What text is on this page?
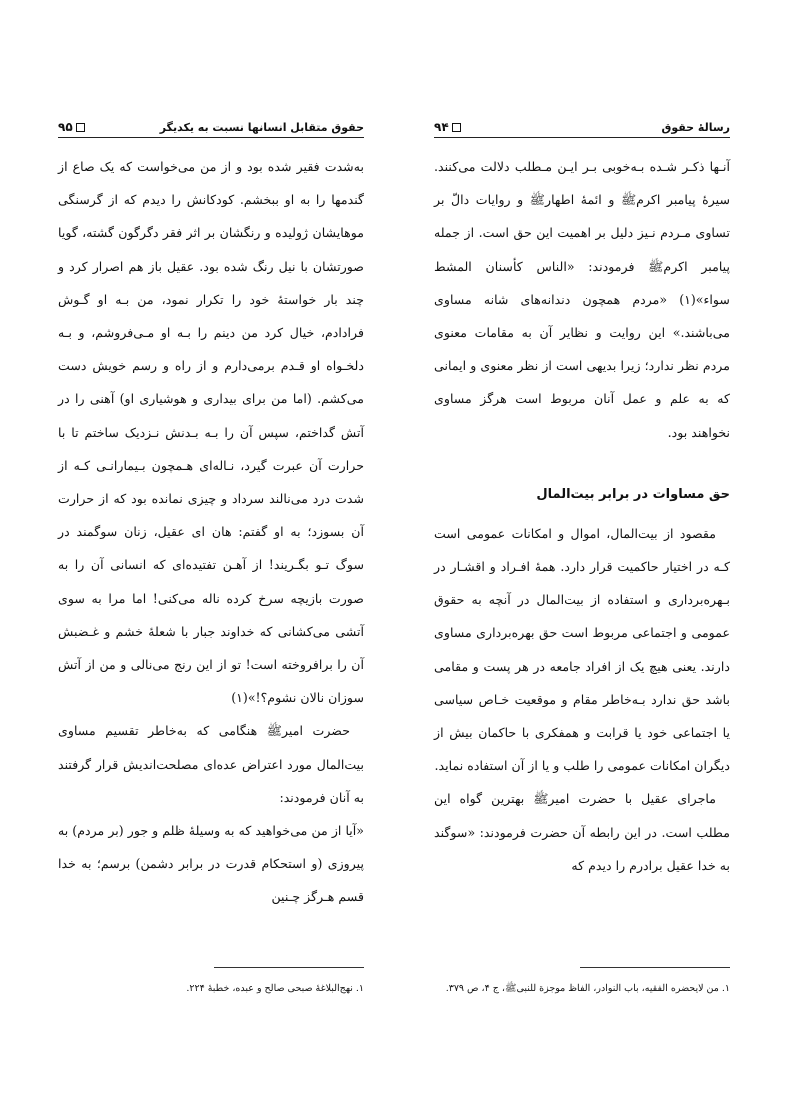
رسالهٔ حقوق
۹۴

آنـها ذکـر شـده بـه‌خوبی بـر ایـن مـطلب دلالت می‌کنند. سیرهٔ پیامبر اکرمﷺ و ائمهٔ اطهارﷺ و روایات دالّ بر تساوی مـردم نـیز دلیل بر اهمیت این حق است. از جمله پیامبر اکرمﷺ فرمودند: «الناس کأسنان المشط سواء»(۱) «مردم همچون دندانه‌های شانه مساوی می‌باشند.» این روایت و نظایر آن به مقامات معنوی مردم نظر ندارد؛ زیرا بدیهی است از نظر معنوی و ایمانی که به علم و عمل آنان مربوط است هرگز مساوی نخواهند بود.

حق مساوات در برابر بیت‌المال

مقصود از بیت‌المال، اموال و امکانات عمومی است کـه در اختیار حاکمیت قرار دارد. همهٔ افـراد و اقشـار در بـهره‌برداری و استفاده از بیت‌المال در آنچه به حقوق عمومی و اجتماعی مربوط است حق بهره‌برداری مساوی دارند. یعنی هیچ یک از افراد جامعه در هر پست و مقامی باشد حق ندارد بـه‌خاطر مقام و موقعیت خـاص سیاسی یا اجتماعی خود یا قرابت و همفکری با حاکمان بیش از دیگران امکانات عمومی را طلب و یا از آن استفاده نماید.

ماجرای عقیل با حضرت امیرﷺ بهترین گواه این مطلب است. در این رابطه آن حضرت فرمودند: «سوگند به خدا عقیل برادرم را دیدم که

۱. من لایحضره الفقیه، باب النوادر، الفاظ موجزة للنبیﷺ، ج ۴، ص ۳۷۹.
حقوق متقابل انسانها نسبت به یکدیگر
۹۵

به‌شدت فقیر شده بود و از من می‌خواست که یک صاع از گندمها را به او ببخشم. کودکانش را دیدم که از گرسنگی موهایشان ژولیده و رنگشان بر اثر فقر دگرگون گشته، گویا صورتشان با نیل رنگ شده بود. عقیل باز هم اصرار کرد و چند بار خواستهٔ خود را تکرار نمود، من بـه او گـوش فرادادم، خیال کرد من دینم را بـه او مـی‌فروشم، و بـه دلخـواه او قـدم برمی‌دارم و از راه و رسم خویش دست می‌کشم. (اما من برای بیداری و هوشیاری او) آهنی را در آتش گداختم، سپس آن را بـه بـدنش نـزدیک ساختم تا با حرارت آن عبرت گیرد، نـاله‌ای هـمچون بـیمارانـی کـه از شدت درد می‌نالند سرداد و چیزی نمانده بود که از حرارت آن بسوزد؛ به او گفتم: هان ای عقیل، زنان سوگمند در سوگ تـو بگـریند! از آهـن تفتیده‌ای که انسانی آن را به صورت بازیچه سرخ کرده ناله می‌کنی! اما مرا به سوی آتشی می‌کشانی که خداوند جبار با شعلهٔ خشم و غـضبش آن را برافروخته است! تو از این رنج می‌نالی و من از آتش سوزان نالان نشوم؟!»(۱)

حضرت امیرﷺ هنگامی که به‌خاطر تقسیم مساوی بیت‌المال مورد اعتراض عده‌ای مصلحت‌اندیش قرار گرفتند به آنان فرمودند:

«آیا از من می‌خواهید که به وسیلهٔ ظلم و جور (بر مردم) به پیروزی (و استحکام قدرت در برابر دشمن) برسم؛ به خدا قسم هـرگز چـنین

۱. نهج‌البلاغهٔ صبحی صالح و عبده، خطبهٔ ۲۲۴.
